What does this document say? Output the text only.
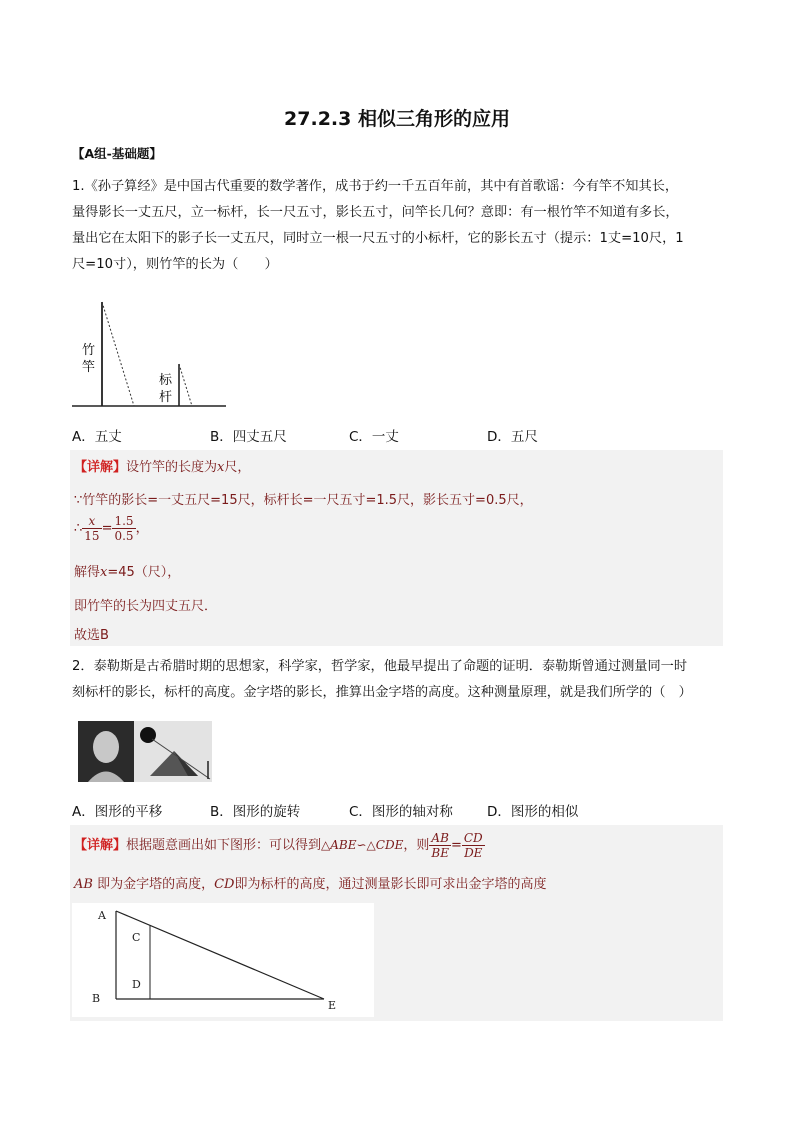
27.2.3 相似三角形的应用
【A组-基础题】
1.《孙子算经》是中国古代重要的数学著作，成书于约一千五百年前，其中有首歌谣：今有竿不知其长，
量得影长一丈五尺，立一标杆，长一尺五寸，影长五寸，问竿长几何？意即：有一根竹竿不知道有多长，
量出它在太阳下的影子长一丈五尺，同时立一根一尺五寸的小标杆，它的影长五寸（提示：1丈=10尺，1
尺=10寸），则竹竿的长为（　　）
竹
竿
标
杆
A．五丈	B．四丈五尺	C．一丈	D．五尺
【详解】设竹竿的长度为x尺，
∵竹竿的影长=一丈五尺=15尺，标杆长=一尺五寸=1.5尺，影长五寸=0.5尺，
∴ $\frac{x}{15} = \frac{1.5}{0.5}$ ，
解得x=45（尺），
即竹竿的长为四丈五尺．
故选B
2．泰勒斯是古希腊时期的思想家，科学家，哲学家，他最早提出了命题的证明．泰勒斯曾通过测量同一时
刻标杆的影长，标杆的高度。金字塔的影长，推算出金字塔的高度。这种测量原理，就是我们所学的（　）
A．图形的平移	B．图形的旋转	C．图形的轴对称	D．图形的相似
【详解】根据题意画出如下图形：可以得到△ABE∽△CDE，则 $\frac{AB}{BE} = \frac{CD}{DE}$
AB 即为金字塔的高度，CD即为标杆的高度，通过测量影长即可求出金字塔的高度
A
B
C
D
E
